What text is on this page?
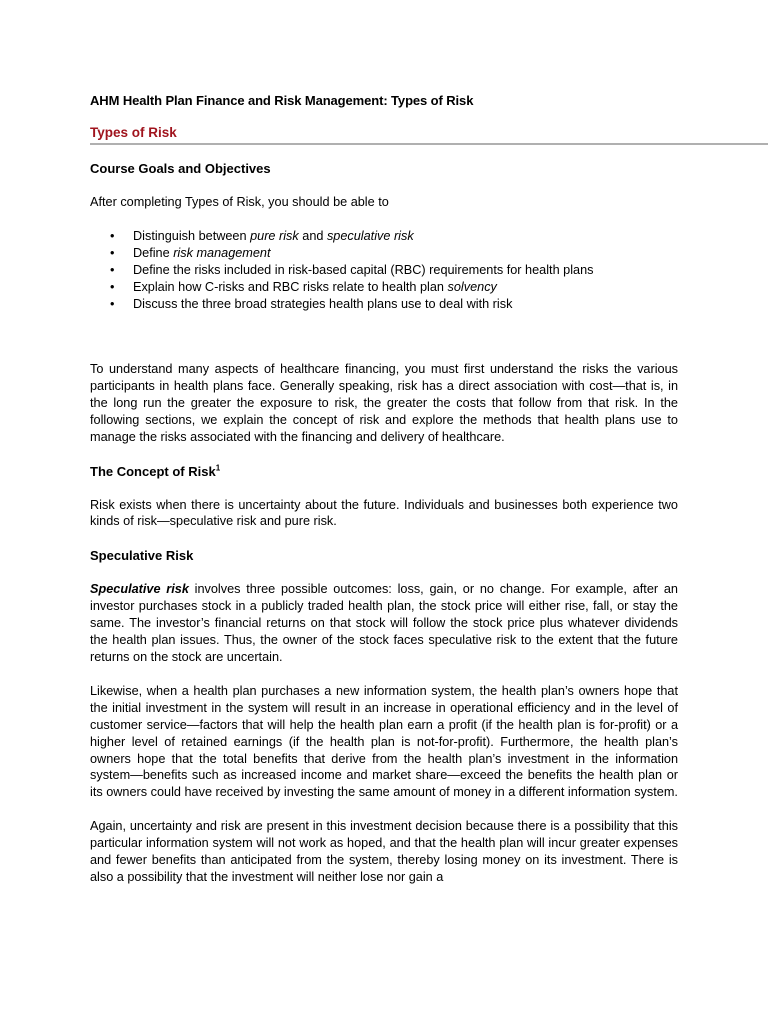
AHM Health Plan Finance and Risk Management: Types of Risk

Types of Risk

Course Goals and Objectives

After completing Types of Risk, you should be able to

• Distinguish between pure risk and speculative risk
• Define risk management
• Define the risks included in risk-based capital (RBC) requirements for health plans
• Explain how C-risks and RBC risks relate to health plan solvency
• Discuss the three broad strategies health plans use to deal with risk

To understand many aspects of healthcare financing, you must first understand the risks the various participants in health plans face. Generally speaking, risk has a direct association with cost—that is, in the long run the greater the exposure to risk, the greater the costs that follow from that risk. In the following sections, we explain the concept of risk and explore the methods that health plans use to manage the risks associated with the financing and delivery of healthcare.

The Concept of Risk$^1$

Risk exists when there is uncertainty about the future. Individuals and businesses both experience two kinds of risk—speculative risk and pure risk.

Speculative Risk

Speculative risk involves three possible outcomes: loss, gain, or no change. For example, after an investor purchases stock in a publicly traded health plan, the stock price will either rise, fall, or stay the same. The investor’s financial returns on that stock will follow the stock price plus whatever dividends the health plan issues. Thus, the owner of the stock faces speculative risk to the extent that the future returns on the stock are uncertain.

Likewise, when a health plan purchases a new information system, the health plan’s owners hope that the initial investment in the system will result in an increase in operational efficiency and in the level of customer service—factors that will help the health plan earn a profit (if the health plan is for-profit) or a higher level of retained earnings (if the health plan is not-for-profit). Furthermore, the health plan’s owners hope that the total benefits that derive from the health plan’s investment in the information system—benefits such as increased income and market share—exceed the benefits the health plan or its owners could have received by investing the same amount of money in a different information system.

Again, uncertainty and risk are present in this investment decision because there is a possibility that this particular information system will not work as hoped, and that the health plan will incur greater expenses and fewer benefits than anticipated from the system, thereby losing money on its investment. There is also a possibility that the investment will neither lose nor gain a
